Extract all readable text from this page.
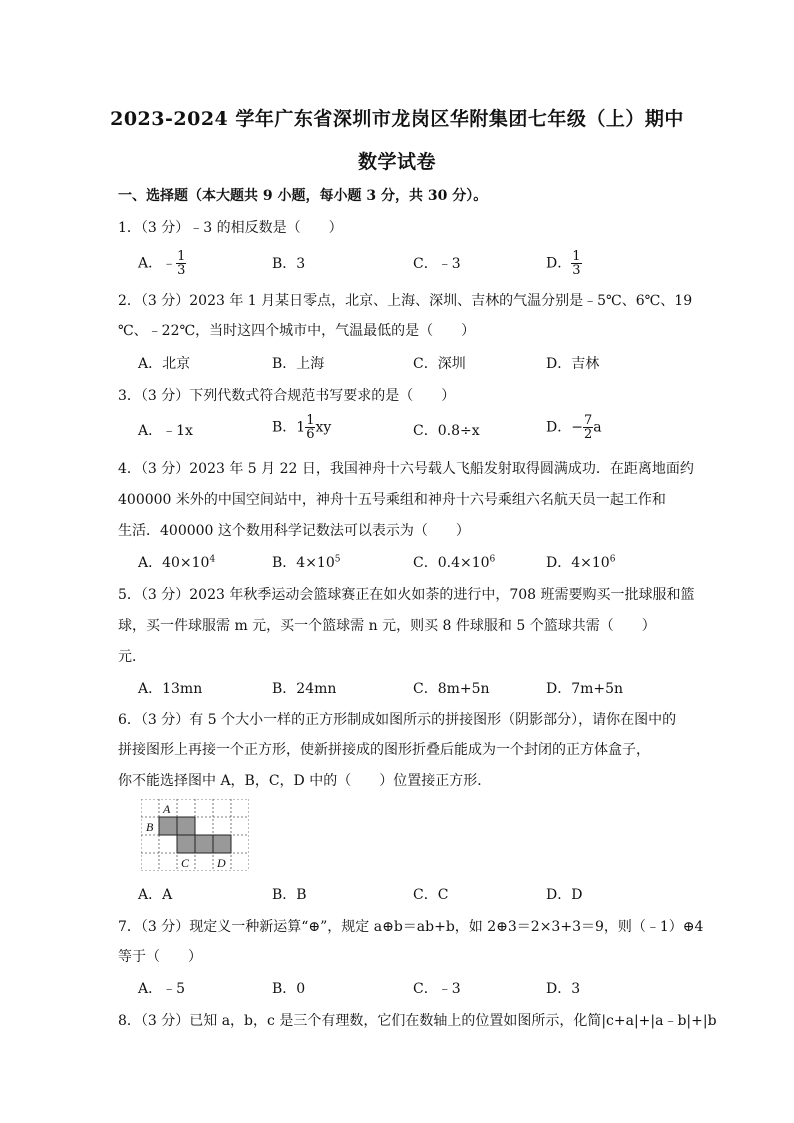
2023-2024 学年广东省深圳市龙岗区华附集团七年级（上）期中
数学试卷
一、选择题（本大题共 9 小题，每小题 3 分，共 30 分）。
1．（3 分）﹣3 的相反数是（　　）
A．﹣ $\frac{1}{3}$	B．3	C．﹣3	D． $\frac{1}{3}$
2．（3 分）2023 年 1 月某日零点，北京、上海、深圳、吉林的气温分别是﹣5℃、6℃、19
℃、﹣22℃，当时这四个城市中，气温最低的是（　　）
A．北京	B．上海	C．深圳	D．吉林
3．（3 分）下列代数式符合规范书写要求的是（　　）
A．﹣1x	B．$1 \frac{1}{6}$ xy	C．0.8÷x	D．− $\frac{7}{2}$ a
4．（3 分）2023 年 5 月 22 日，我国神舟十六号载人飞船发射取得圆满成功．在距离地面约
400000 米外的中国空间站中，神舟十五号乘组和神舟十六号乘组六名航天员一起工作和
生活．400000 这个数用科学记数法可以表示为（　　）
A．$40\times 10^4$	B．$4\times 10^5$	C．$0.4\times 10^6$	D．$4\times 10^6$
5．（3 分）2023 年秋季运动会篮球赛正在如火如荼的进行中，708 班需要购买一批球服和篮
球，买一件球服需 m 元，买一个篮球需 n 元，则买 8 件球服和 5 个篮球共需（　　）
元．
A．13mn	B．24mn	C．8m+5n	D．7m+5n
6．（3 分）有 5 个大小一样的正方形制成如图所示的拼接图形（阴影部分），请你在图中的
拼接图形上再接一个正方形，使新拼接成的图形折叠后能成为一个封闭的正方体盒子，
你不能选择图中 A，B，C，D 中的（　　）位置接正方形．
A
B
C D
A．A	B．B	C．C	D．D
7．（3 分）现定义一种新运算“⊕”，规定 a⊕b＝ab+b，如 2⊕3＝2×3+3＝9，则（﹣1）⊕4
等于（　　）
A．﹣5	B．0	C．﹣3	D．3
8．（3 分）已知 a，b，c 是三个有理数，它们在数轴上的位置如图所示，化简|c+a|+|a﹣b|+|b
